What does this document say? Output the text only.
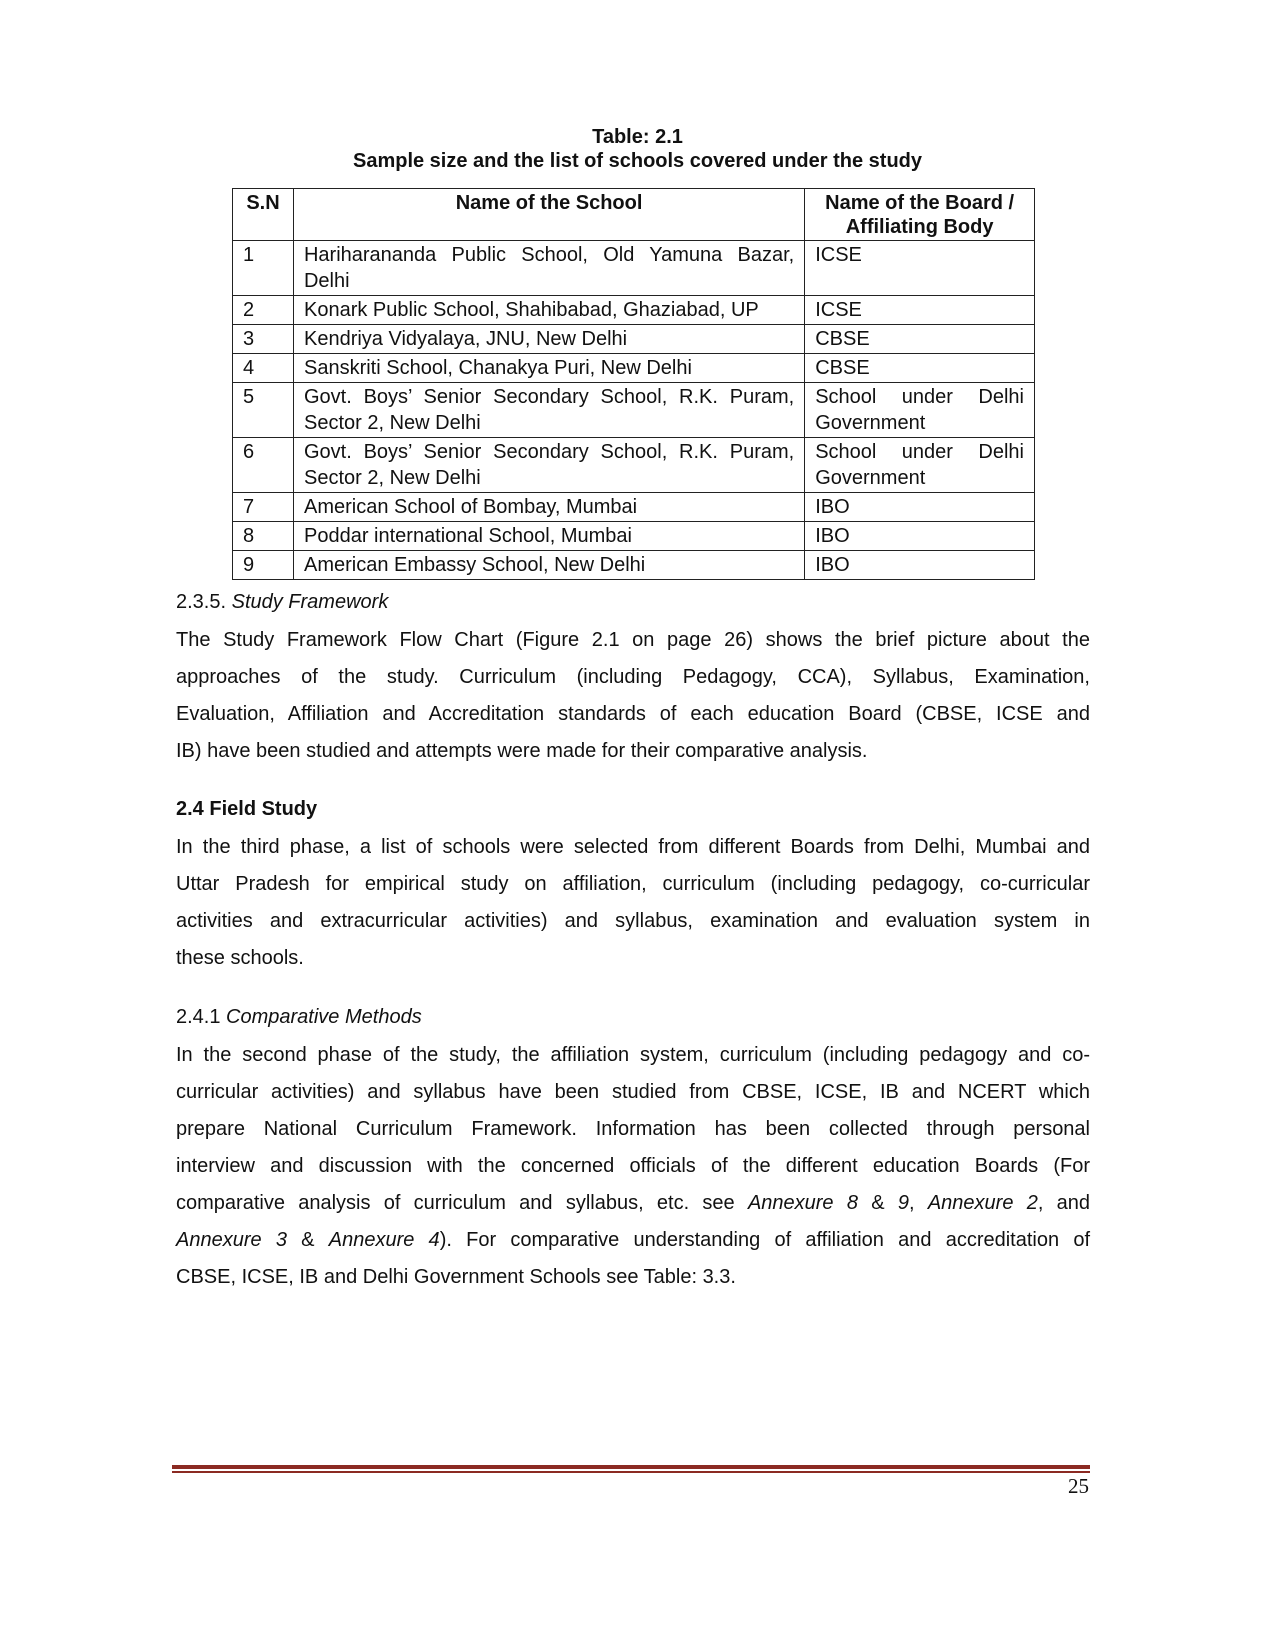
Table: 2.1
Sample size and the list of schools covered under the study
S.N	Name of the School	Name of the Board / Affiliating Body
1	Hariharananda Public School, Old Yamuna Bazar, Delhi	ICSE
2	Konark Public School, Shahibabad, Ghaziabad, UP	ICSE
3	Kendriya Vidyalaya, JNU, New Delhi	CBSE
4	Sanskriti School, Chanakya Puri, New Delhi	CBSE
5	Govt. Boys’ Senior Secondary School, R.K. Puram, Sector 2, New Delhi	School under Delhi Government
6	Govt. Boys’ Senior Secondary School, R.K. Puram, Sector 2, New Delhi	School under Delhi Government
7	American School of Bombay, Mumbai	IBO
8	Poddar international School, Mumbai	IBO
9	American Embassy School, New Delhi	IBO
2.3.5. Study Framework
The Study Framework Flow Chart (Figure 2.1 on page 26) shows the brief picture about the
approaches of the study. Curriculum (including Pedagogy, CCA), Syllabus, Examination,
Evaluation, Affiliation and Accreditation standards of each education Board (CBSE, ICSE and
IB) have been studied and attempts were made for their comparative analysis.
2.4 Field Study
In the third phase, a list of schools were selected from different Boards from Delhi, Mumbai and
Uttar Pradesh for empirical study on affiliation, curriculum (including pedagogy, co-curricular
activities and extracurricular activities) and syllabus, examination and evaluation system in
these schools.
2.4.1 Comparative Methods
In the second phase of the study, the affiliation system, curriculum (including pedagogy and co-
curricular activities) and syllabus have been studied from CBSE, ICSE, IB and NCERT which
prepare National Curriculum Framework. Information has been collected through personal
interview and discussion with the concerned officials of the different education Boards (For
comparative analysis of curriculum and syllabus, etc. see Annexure 8 & 9, Annexure 2, and
Annexure 3 & Annexure 4). For comparative understanding of affiliation and accreditation of
CBSE, ICSE, IB and Delhi Government Schools see Table: 3.3.
25
